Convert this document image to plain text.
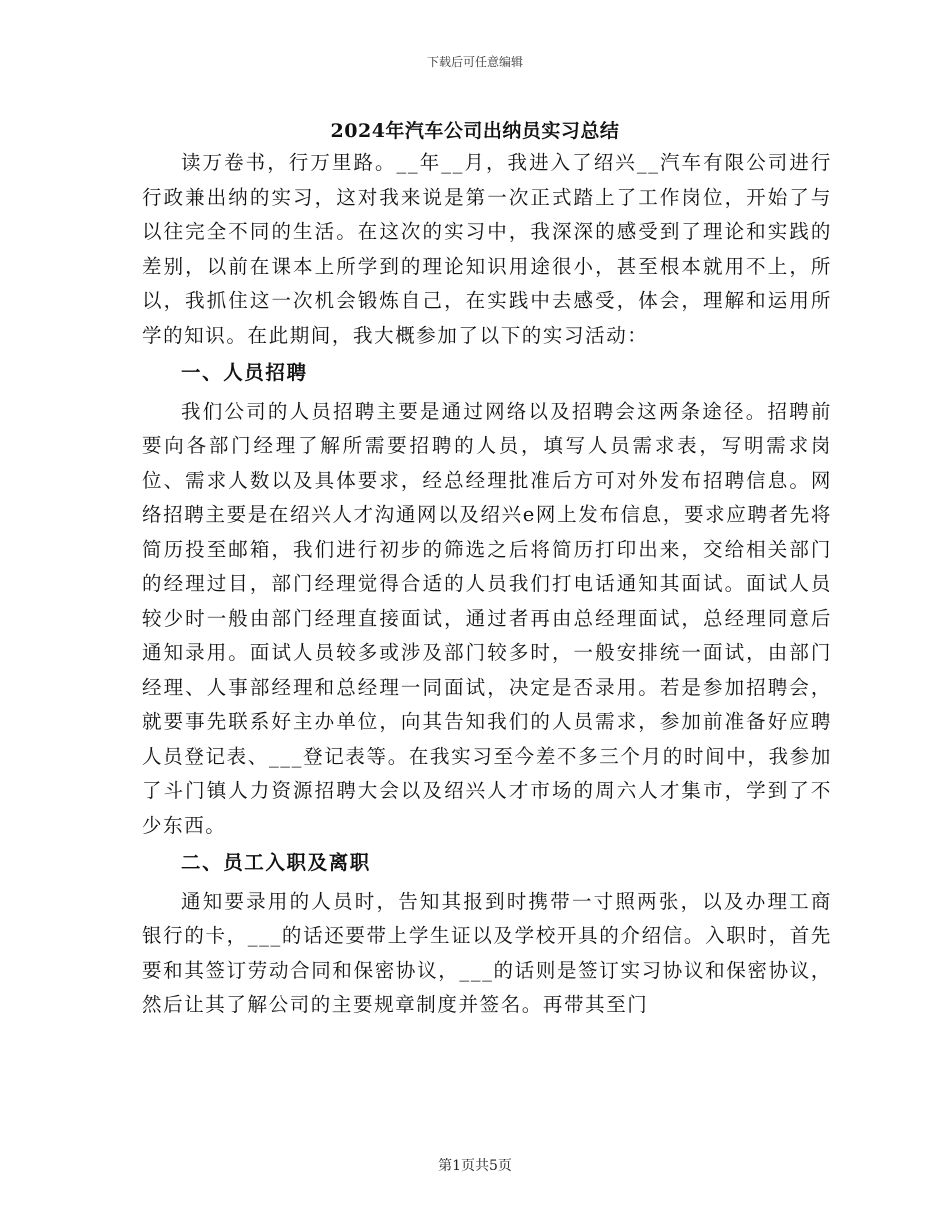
下载后可任意编辑
2024年汽车公司出纳员实习总结

读万卷书，行万里路。__年__月，我进入了绍兴__汽车有限公司进行行政兼出纳的实习，这对我来说是第一次正式踏上了工作岗位，开始了与以往完全不同的生活。在这次的实习中，我深深的感受到了理论和实践的差别，以前在课本上所学到的理论知识用途很小，甚至根本就用不上，所以，我抓住这一次机会锻炼自己，在实践中去感受，体会，理解和运用所学的知识。在此期间，我大概参加了以下的实习活动：

一、人员招聘

我们公司的人员招聘主要是通过网络以及招聘会这两条途径。招聘前要向各部门经理了解所需要招聘的人员，填写人员需求表，写明需求岗位、需求人数以及具体要求，经总经理批准后方可对外发布招聘信息。网络招聘主要是在绍兴人才沟通网以及绍兴e网上发布信息，要求应聘者先将简历投至邮箱，我们进行初步的筛选之后将简历打印出来，交给相关部门的经理过目，部门经理觉得合适的人员我们打电话通知其面试。面试人员较少时一般由部门经理直接面试，通过者再由总经理面试，总经理同意后通知录用。面试人员较多或涉及部门较多时，一般安排统一面试，由部门经理、人事部经理和总经理一同面试，决定是否录用。若是参加招聘会，就要事先联系好主办单位，向其告知我们的人员需求，参加前准备好应聘人员登记表、___登记表等。在我实习至今差不多三个月的时间中，我参加了斗门镇人力资源招聘大会以及绍兴人才市场的周六人才集市，学到了不少东西。

二、员工入职及离职

通知要录用的人员时，告知其报到时携带一寸照两张，以及办理工商银行的卡，___的话还要带上学生证以及学校开具的介绍信。入职时，首先要和其签订劳动合同和保密协议，___的话则是签订实习协议和保密协议，然后让其了解公司的主要规章制度并签名。再带其至门

第1页共5页
